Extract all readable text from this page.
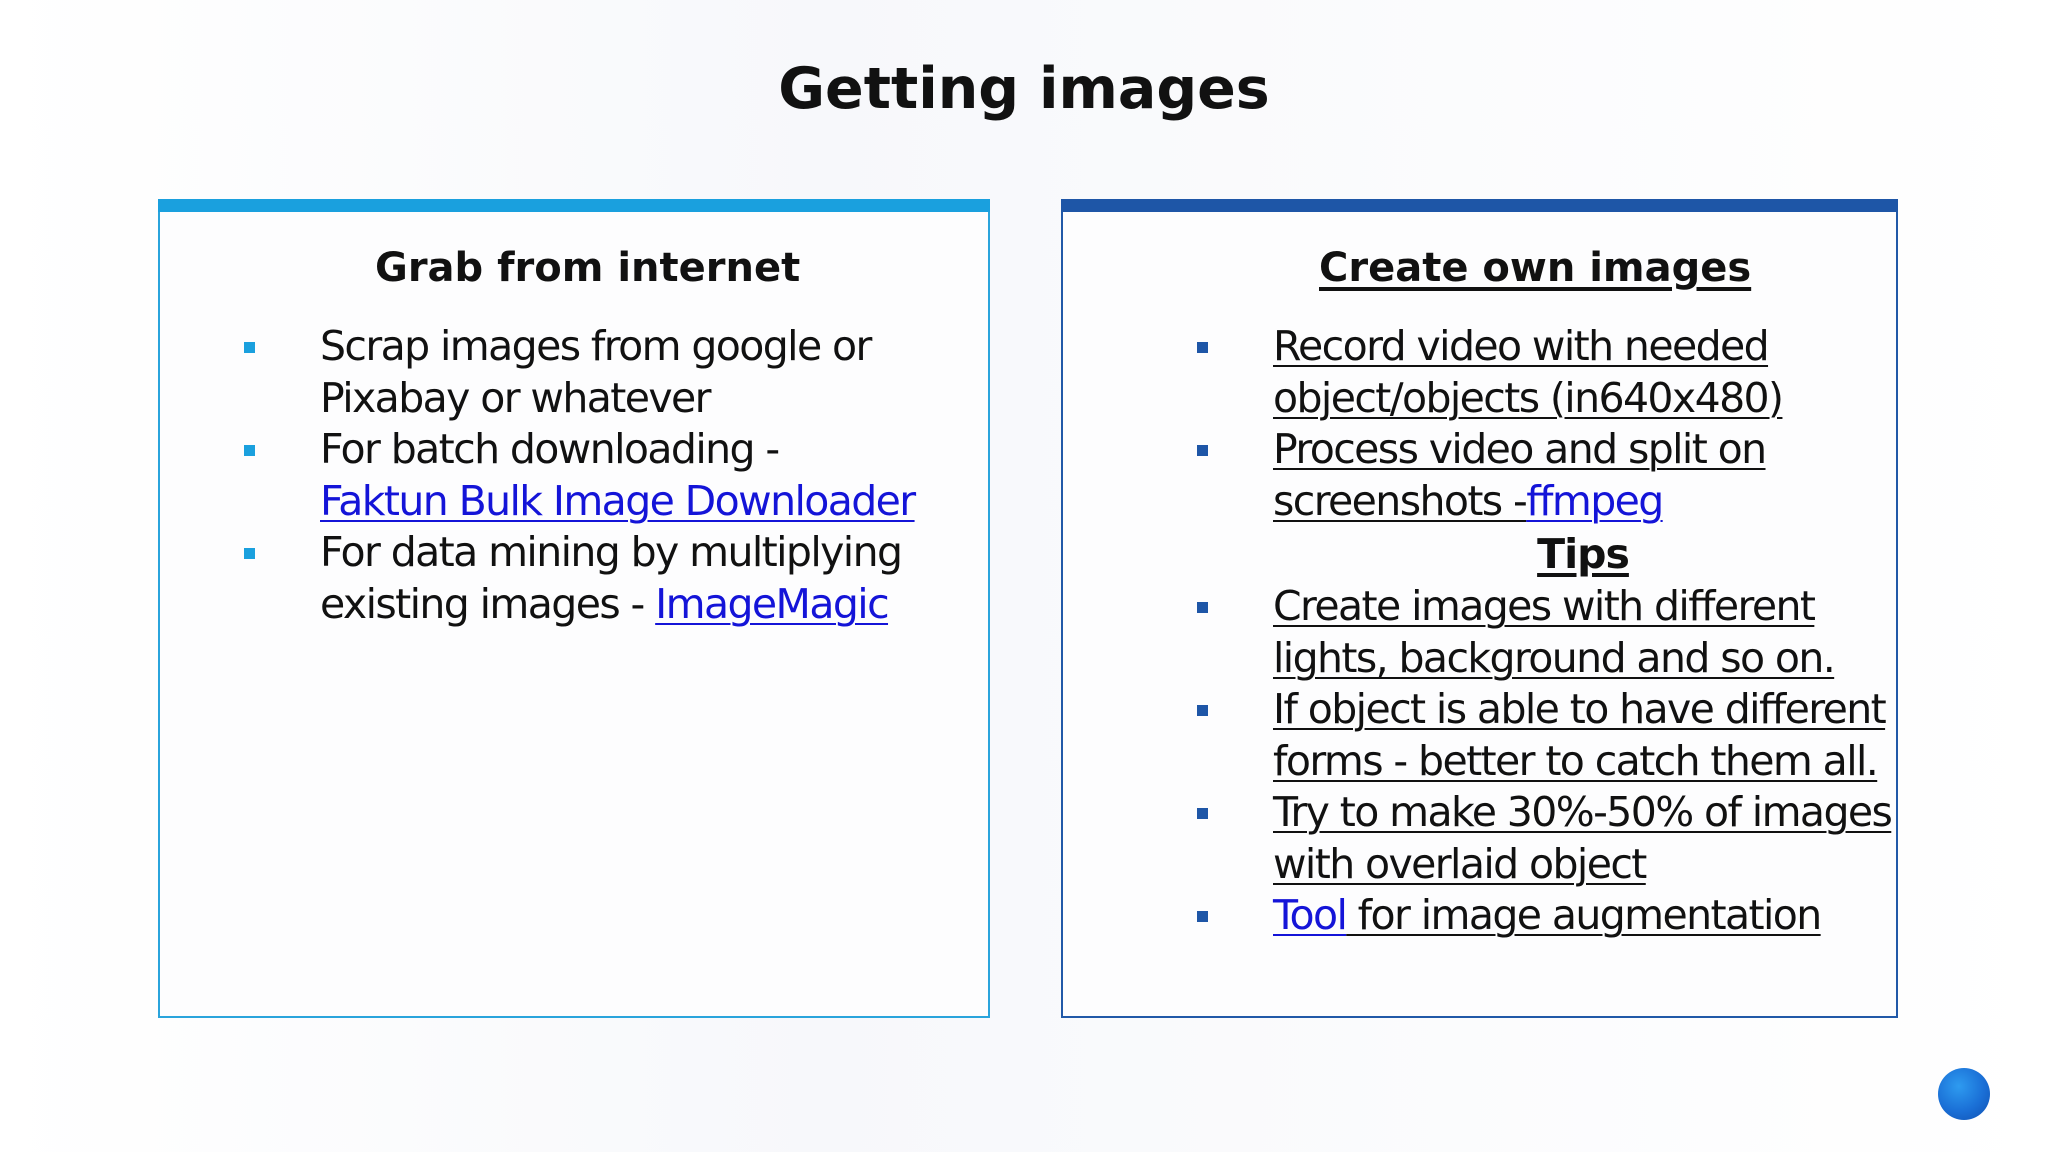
Getting images
Grab from internet
Scrap images from google or Pixabay or whatever
For batch downloading -
Faktun Bulk Image Downloader
For data mining by multiplying existing images - ImageMagic
Create own images
Record video with needed object/objects (in640x480)
Process video and split on screenshots -ffmpeg
Tips
Create images with different lights, background and so on.
If object is able to have different forms - better to catch them all.
Try to make 30%-50% of images with overlaid object
Tool for image augmentation
